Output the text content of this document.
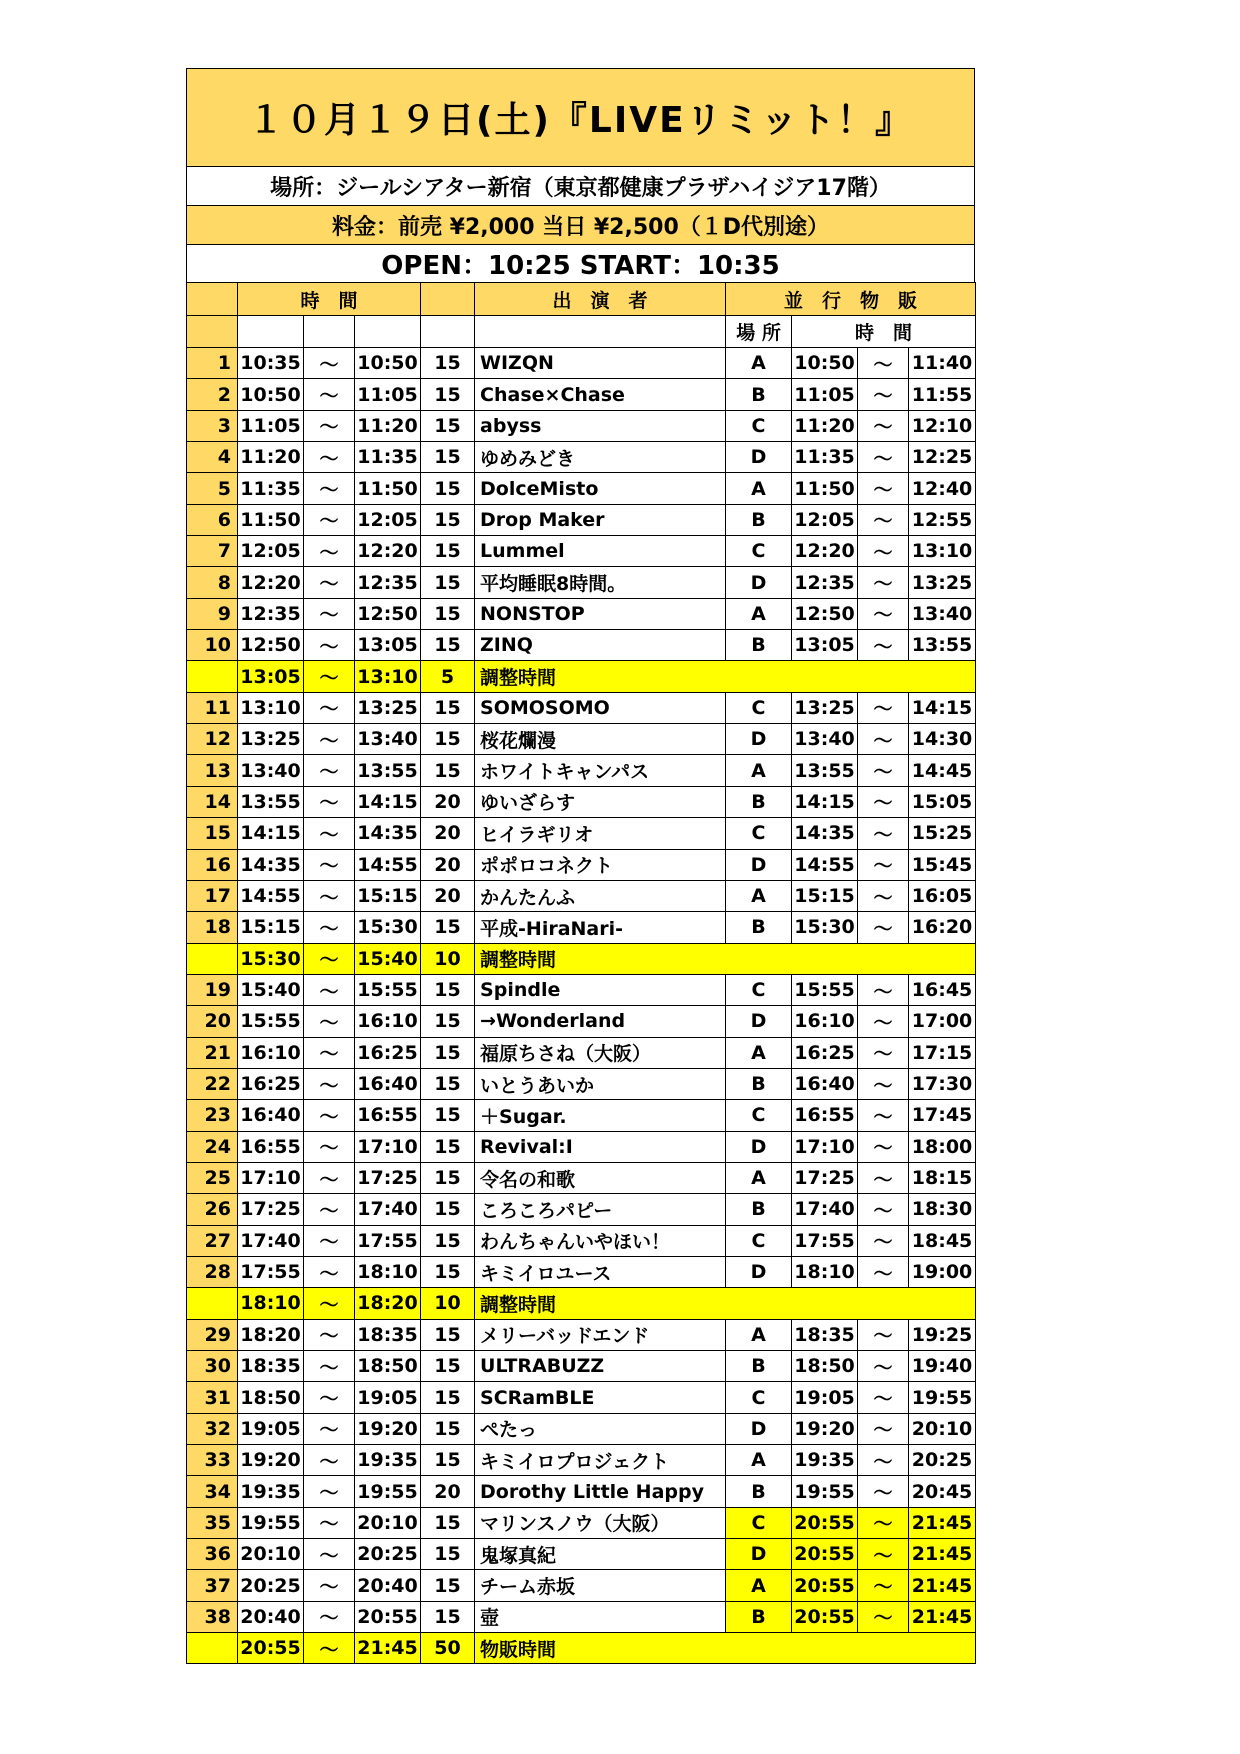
１０月１９日(土)『LIVEリミット！』
場所：ジールシアター新宿（東京都健康プラザハイジア17階）
料金：前売 ¥2,000 当日 ¥2,500（１D代別途）
OPEN：10:25 START：10:35
	時　間				出　演　者	並　行　物　販			
						場 所	時　間		
1	10:35	～	10:50	15	WIZQN	A	10:50	～	11:40
2	10:50	～	11:05	15	Chase×Chase	B	11:05	～	11:55
3	11:05	～	11:20	15	abyss	C	11:20	～	12:10
4	11:20	～	11:35	15	ゆめみどき	D	11:35	～	12:25
5	11:35	～	11:50	15	DolceMisto	A	11:50	～	12:40
6	11:50	～	12:05	15	Drop Maker	B	12:05	～	12:55
7	12:05	～	12:20	15	Lummel	C	12:20	～	13:10
8	12:20	～	12:35	15	平均睡眠8時間。	D	12:35	～	13:25
9	12:35	～	12:50	15	NONSTOP	A	12:50	～	13:40
10	12:50	～	13:05	15	ZINQ	B	13:05	～	13:55
	13:05	～	13:10	5	調整時間				
11	13:10	～	13:25	15	SOMOSOMO	C	13:25	～	14:15
12	13:25	～	13:40	15	桜花爛漫	D	13:40	～	14:30
13	13:40	～	13:55	15	ホワイトキャンパス	A	13:55	～	14:45
14	13:55	～	14:15	20	ゆいざらす	B	14:15	～	15:05
15	14:15	～	14:35	20	ヒイラギリオ	C	14:35	～	15:25
16	14:35	～	14:55	20	ポポロコネクト	D	14:55	～	15:45
17	14:55	～	15:15	20	かんたんふ	A	15:15	～	16:05
18	15:15	～	15:30	15	平成-HiraNari-	B	15:30	～	16:20
	15:30	～	15:40	10	調整時間				
19	15:40	～	15:55	15	Spindle	C	15:55	～	16:45
20	15:55	～	16:10	15	→Wonderland	D	16:10	～	17:00
21	16:10	～	16:25	15	福原ちさね（大阪）	A	16:25	～	17:15
22	16:25	～	16:40	15	いとうあいか	B	16:40	～	17:30
23	16:40	～	16:55	15	＋Sugar.	C	16:55	～	17:45
24	16:55	～	17:10	15	Revival:I	D	17:10	～	18:00
25	17:10	～	17:25	15	令名の和歌	A	17:25	～	18:15
26	17:25	～	17:40	15	ころころパピー	B	17:40	～	18:30
27	17:40	～	17:55	15	わんちゃんいやほい！	C	17:55	～	18:45
28	17:55	～	18:10	15	キミイロユース	D	18:10	～	19:00
	18:10	～	18:20	10	調整時間				
29	18:20	～	18:35	15	メリーバッドエンド	A	18:35	～	19:25
30	18:35	～	18:50	15	ULTRABUZZ	B	18:50	～	19:40
31	18:50	～	19:05	15	SCRamBLE	C	19:05	～	19:55
32	19:05	～	19:20	15	ぺたっ	D	19:20	～	20:10
33	19:20	～	19:35	15	キミイロプロジェクト	A	19:35	～	20:25
34	19:35	～	19:55	20	Dorothy Little Happy	B	19:55	～	20:45
35	19:55	～	20:10	15	マリンスノウ（大阪）	C	20:55	～	21:45
36	20:10	～	20:25	15	鬼塚真紀	D	20:55	～	21:45
37	20:25	～	20:40	15	チーム赤坂	A	20:55	～	21:45
38	20:40	～	20:55	15	壺	B	20:55	～	21:45
	20:55	～	21:45	50	物販時間				
